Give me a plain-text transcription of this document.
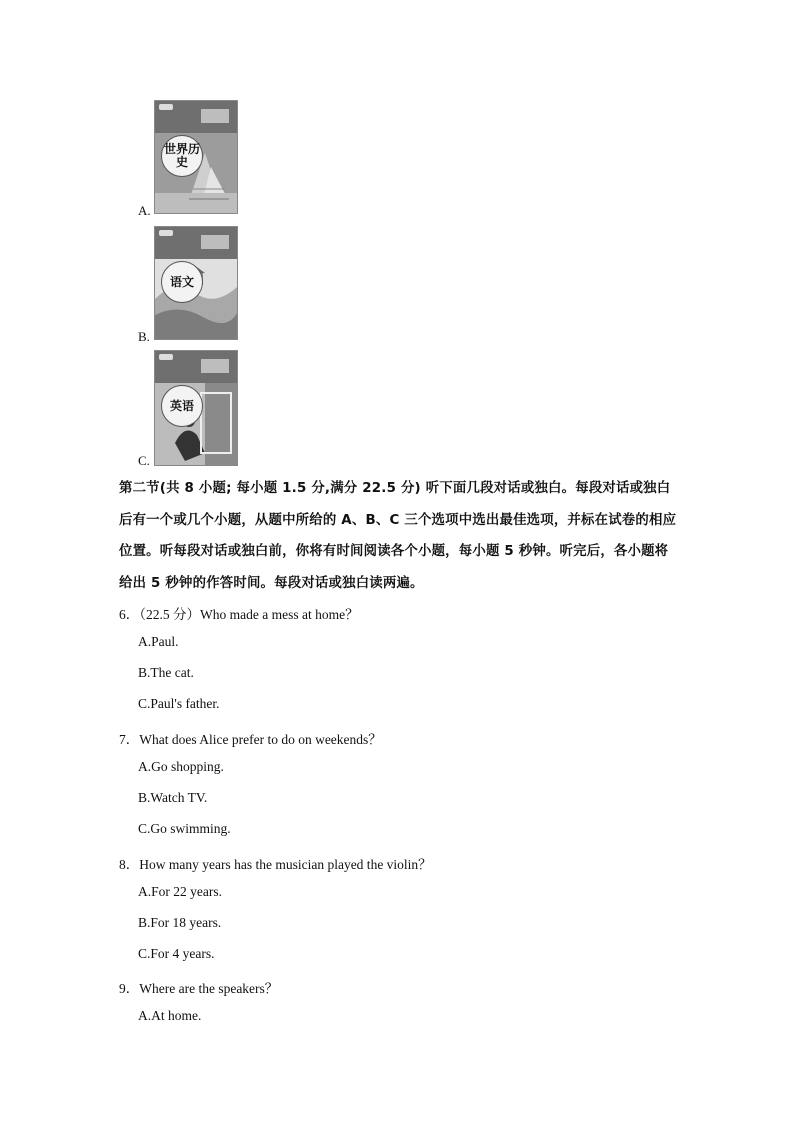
世界历史
A.
语文
B.
英语
C.
第二节(共 8 小题; 每小题 1.5 分,满分 22.5 分) 听下面几段对话或独白。每段对话或独白后有一个或几个小题，从题中所给的 A、B、C 三个选项中选出最佳选项，并标在试卷的相应位置。听每段对话或独白前，你将有时间阅读各个小题，每小题 5 秒钟。听完后，各小题将给出 5 秒钟的作答时间。每段对话或独白读两遍。
6．（22.5 分）Who made a mess at home？
A.Paul.
B.The cat.
C.Paul's father.
7．What does Alice prefer to do on weekends？
A.Go shopping.
B.Watch TV.
C.Go swimming.
8．How many years has the musician played the violin？
A.For 22 years.
B.For 18 years.
C.For 4 years.
9．Where are the speakers？
A.At home.
